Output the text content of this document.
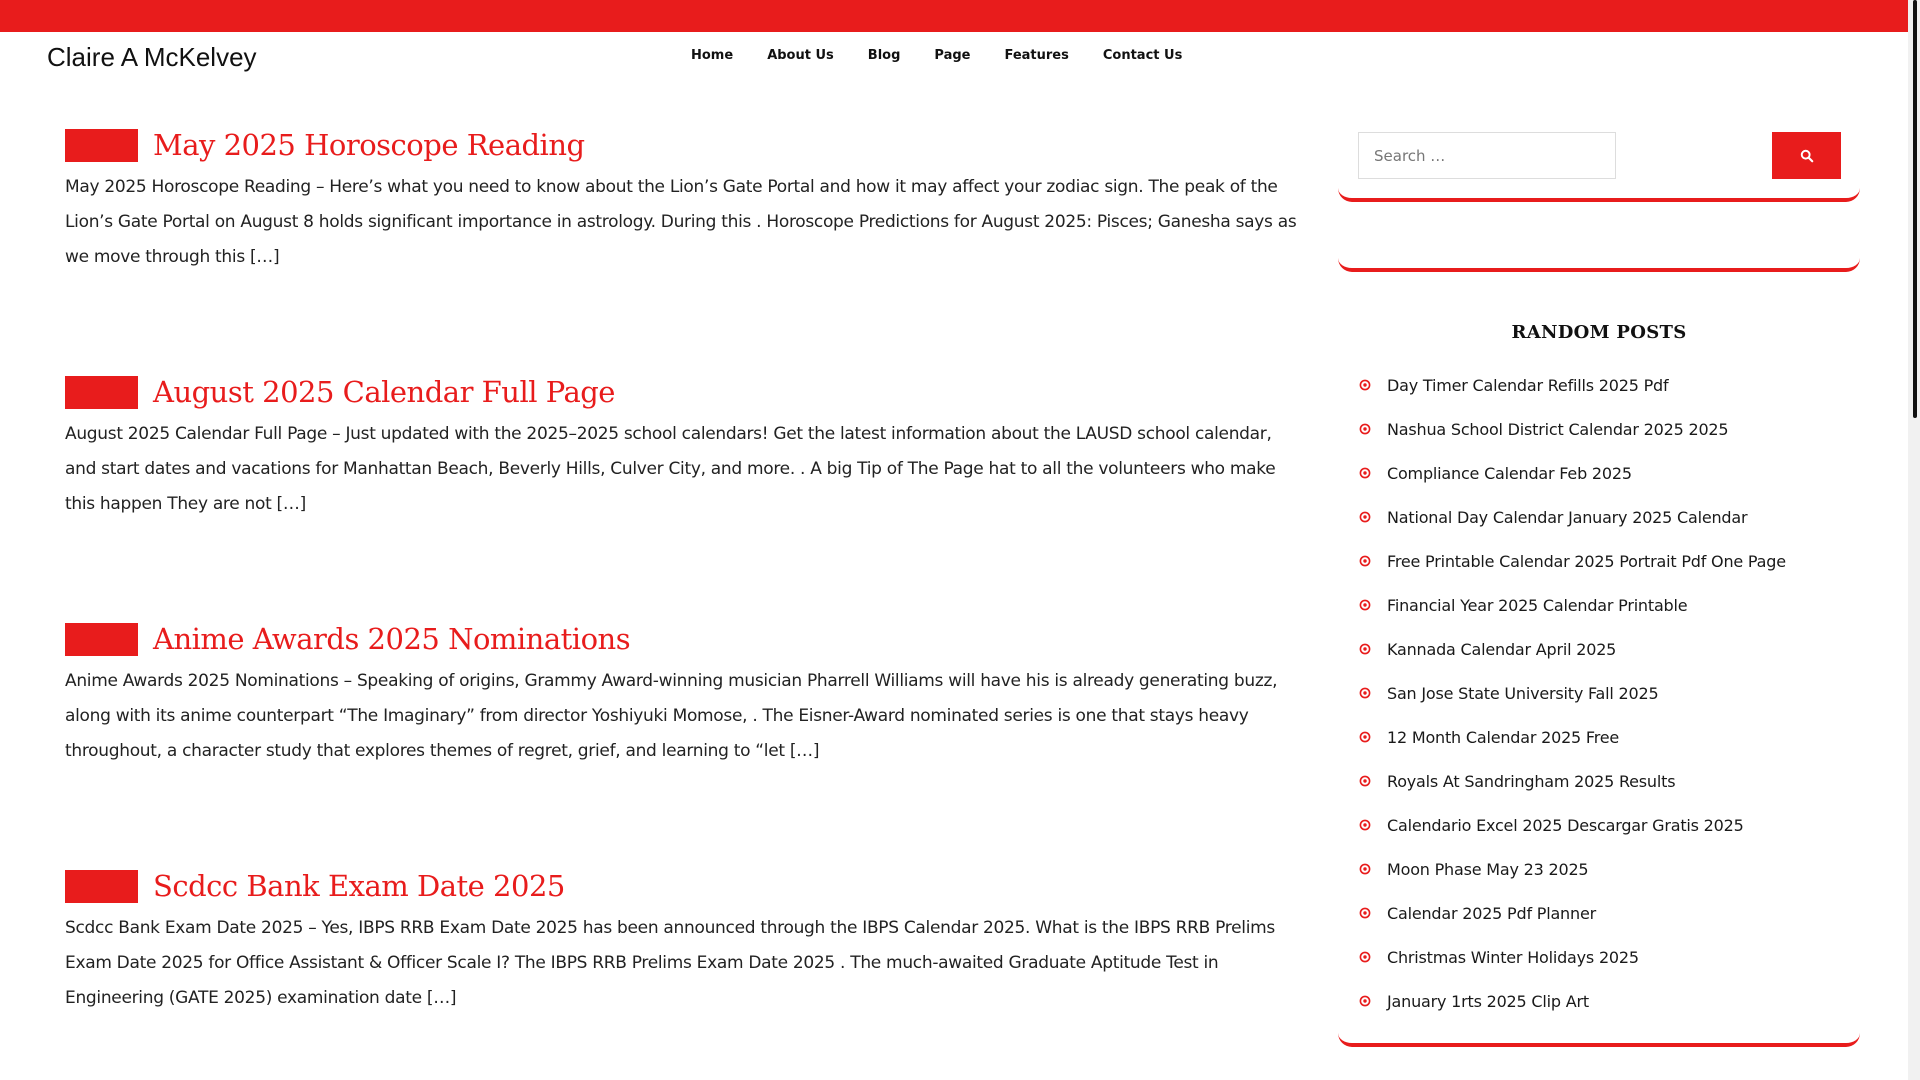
Claire A McKelvey	Home	About Us	Blog	Page	Features	Contact Us
May 2025 Horoscope Reading

May 2025 Horoscope Reading – Here’s what you need to know about the Lion’s Gate Portal and how it may affect your zodiac sign. The peak of the Lion’s Gate Portal on August 8 holds significant importance in astrology. During this . Horoscope Predictions for August 2025: Pisces; Ganesha says as we move through this […]

August 2025 Calendar Full Page

August 2025 Calendar Full Page – Just updated with the 2025–2025 school calendars! Get the latest information about the LAUSD school calendar, and start dates and vacations for Manhattan Beach, Beverly Hills, Culver City, and more. . A big Tip of The Page hat to all the volunteers who make this happen They are not […]

Anime Awards 2025 Nominations

Anime Awards 2025 Nominations – Speaking of origins, Grammy Award-winning musician Pharrell Williams will have his is already generating buzz, along with its anime counterpart “The Imaginary” from director Yoshiyuki Momose, . The Eisner-Award nominated series is one that stays heavy throughout, a character study that explores themes of regret, grief, and learning to “let […]

Scdcc Bank Exam Date 2025

Scdcc Bank Exam Date 2025 – Yes, IBPS RRB Exam Date 2025 has been announced through the IBPS Calendar 2025. What is the IBPS RRB Prelims Exam Date 2025 for Office Assistant & Officer Scale I? The IBPS RRB Prelims Exam Date 2025 . The much-awaited Graduate Aptitude Test in Engineering (GATE 2025) examination date […]

Search …
RANDOM POSTS
Day Timer Calendar Refills 2025 Pdf
Nashua School District Calendar 2025 2025
Compliance Calendar Feb 2025
National Day Calendar January 2025 Calendar
Free Printable Calendar 2025 Portrait Pdf One Page
Financial Year 2025 Calendar Printable
Kannada Calendar April 2025
San Jose State University Fall 2025
12 Month Calendar 2025 Free
Royals At Sandringham 2025 Results
Calendario Excel 2025 Descargar Gratis 2025
Moon Phase May 23 2025
Calendar 2025 Pdf Planner
Christmas Winter Holidays 2025
January 1rts 2025 Clip Art
